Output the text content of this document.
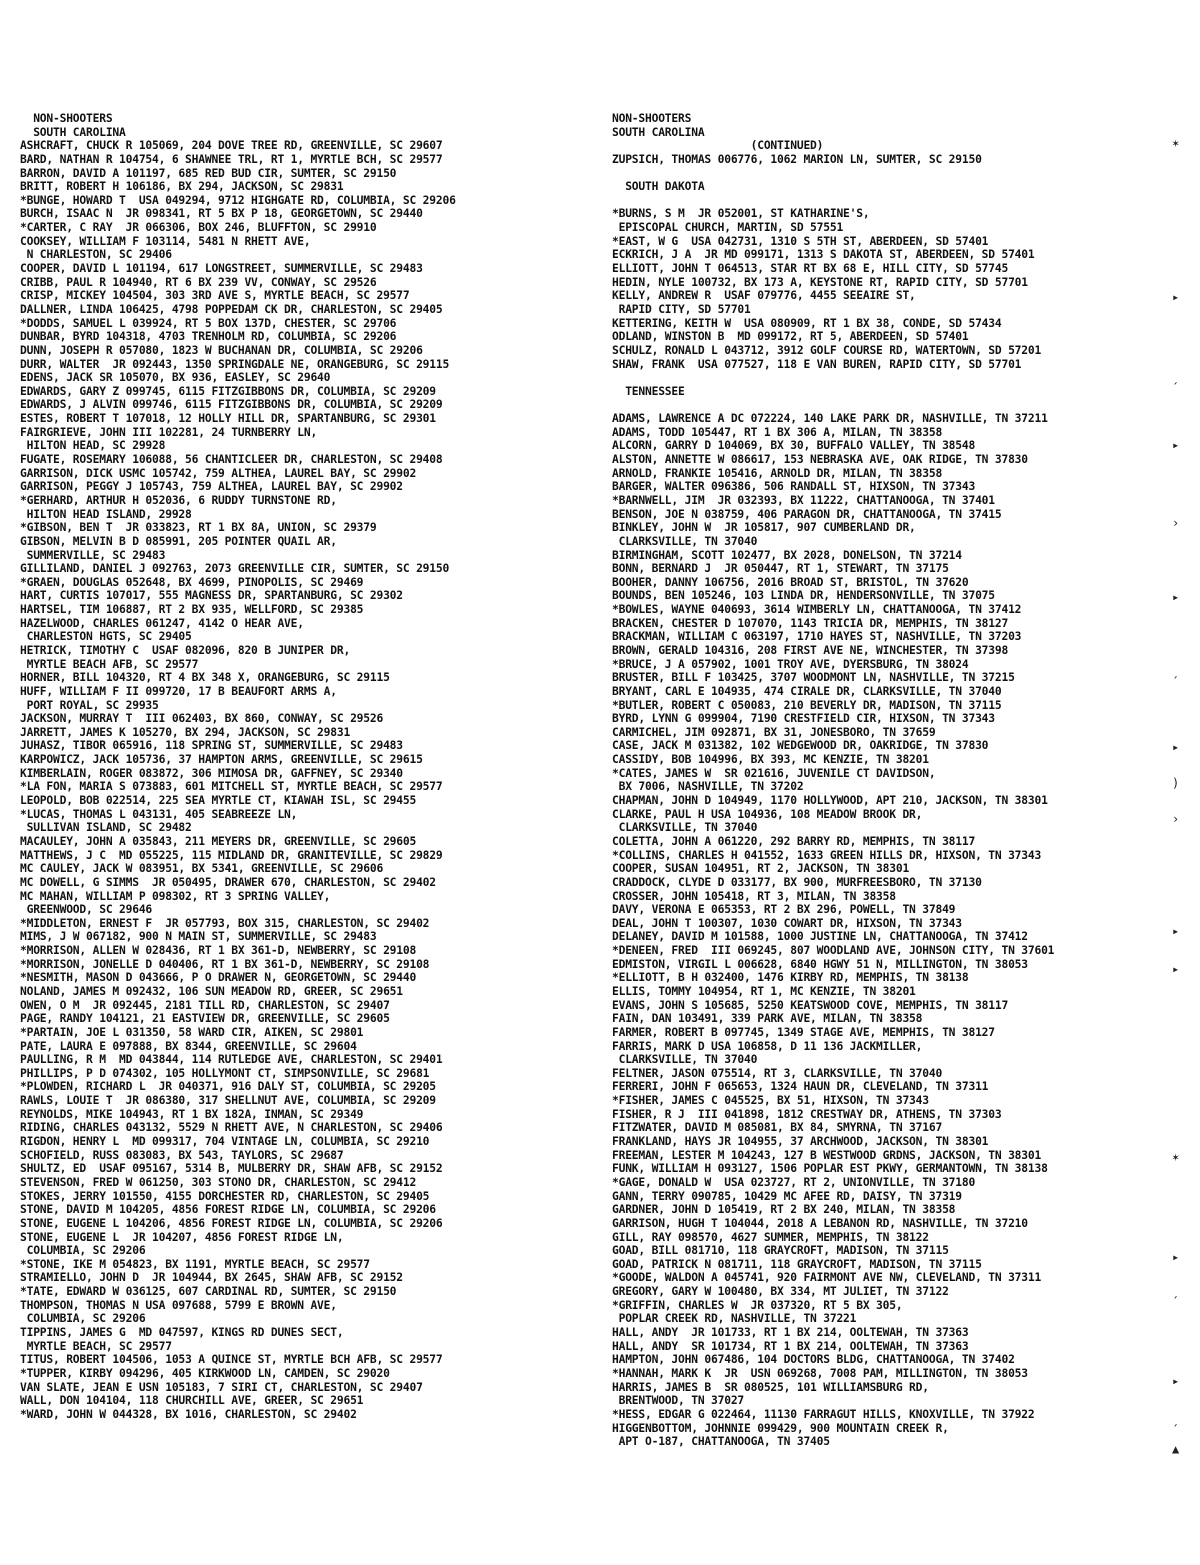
NON-SHOOTERS
SOUTH CAROLINA
ASHCRAFT, CHUCK R 105069, 204 DOVE TREE RD, GREENVILLE, SC 29607
BARD, NATHAN R 104754, 6 SHAWNEE TRL, RT 1, MYRTLE BCH, SC 29577
BARRON, DAVID A 101197, 685 RED BUD CIR, SUMTER, SC 29150
BRITT, ROBERT H 106186, BX 294, JACKSON, SC 29831
*BUNGE, HOWARD T  USA 049294, 9712 HIGHGATE RD, COLUMBIA, SC 29206
BURCH, ISAAC N  JR 098341, RT 5 BX P 18, GEORGETOWN, SC 29440
*CARTER, C RAY  JR 066306, BOX 246, BLUFFTON, SC 29910
COOKSEY, WILLIAM F 103114, 5481 N RHETT AVE,
N CHARLESTON, SC 29406
COOPER, DAVID L 101194, 617 LONGSTREET, SUMMERVILLE, SC 29483
CRIBB, PAUL R 104940, RT 6 BX 239 VV, CONWAY, SC 29526
CRISP, MICKEY 104504, 303 3RD AVE S, MYRTLE BEACH, SC 29577
DALLNER, LINDA 106425, 4798 POPPEDAM CK DR, CHARLESTON, SC 29405
*DODDS, SAMUEL L 039924, RT 5 BOX 137D, CHESTER, SC 29706
DUNBAR, BYRD 104318, 4703 TRENHOLM RD, COLUMBIA, SC 29206
DUNN, JOSEPH R 057080, 1823 W BUCHANAN DR, COLUMBIA, SC 29206
DURR, WALTER  JR 092443, 1350 SPRINGDALE NE, ORANGEBURG, SC 29115
EDENS, JACK SR 105070, BX 936, EASLEY, SC 29640
EDWARDS, GARY Z 099745, 6115 FITZGIBBONS DR, COLUMBIA, SC 29209
EDWARDS, J ALVIN 099746, 6115 FITZGIBBONS DR, COLUMBIA, SC 29209
ESTES, ROBERT T 107018, 12 HOLLY HILL DR, SPARTANBURG, SC 29301
FAIRGRIEVE, JOHN III 102281, 24 TURNBERRY LN,
HILTON HEAD, SC 29928
FUGATE, ROSEMARY 106088, 56 CHANTICLEER DR, CHARLESTON, SC 29408
GARRISON, DICK USMC 105742, 759 ALTHEA, LAUREL BAY, SC 29902
GARRISON, PEGGY J 105743, 759 ALTHEA, LAUREL BAY, SC 29902
*GERHARD, ARTHUR H 052036, 6 RUDDY TURNSTONE RD,
HILTON HEAD ISLAND, 29928
*GIBSON, BEN T  JR 033823, RT 1 BX 8A, UNION, SC 29379
GIBSON, MELVIN B D 085991, 205 POINTER QUAIL AR,
SUMMERVILLE, SC 29483
GILLILAND, DANIEL J 092763, 2073 GREENVILLE CIR, SUMTER, SC 29150
*GRAEN, DOUGLAS 052648, BX 4699, PINOPOLIS, SC 29469
HART, CURTIS 107017, 555 MAGNESS DR, SPARTANBURG, SC 29302
HARTSEL, TIM 106887, RT 2 BX 935, WELLFORD, SC 29385
HAZELWOOD, CHARLES 061247, 4142 O HEAR AVE,
CHARLESTON HGTS, SC 29405
HETRICK, TIMOTHY C  USAF 082096, 820 B JUNIPER DR,
MYRTLE BEACH AFB, SC 29577
HORNER, BILL 104320, RT 4 BX 348 X, ORANGEBURG, SC 29115
HUFF, WILLIAM F II 099720, 17 B BEAUFORT ARMS A,
PORT ROYAL, SC 29935
JACKSON, MURRAY T  III 062403, BX 860, CONWAY, SC 29526
JARRETT, JAMES K 105270, BX 294, JACKSON, SC 29831
JUHASZ, TIBOR 065916, 118 SPRING ST, SUMMERVILLE, SC 29483
KARPOWICZ, JACK 105736, 37 HAMPTON ARMS, GREENVILLE, SC 29615
KIMBERLAIN, ROGER 083872, 306 MIMOSA DR, GAFFNEY, SC 29340
*LA FON, MARIA S 073883, 601 MITCHELL ST, MYRTLE BEACH, SC 29577
LEOPOLD, BOB 022514, 225 SEA MYRTLE CT, KIAWAH ISL, SC 29455
*LUCAS, THOMAS L 043131, 405 SEABREEZE LN,
SULLIVAN ISLAND, SC 29482
MACAULEY, JOHN A 035843, 211 MEYERS DR, GREENVILLE, SC 29605
MATTHEWS, J C  MD 055225, 115 MIDLAND DR, GRANITEVILLE, SC 29829
MC CAULEY, JACK W 083951, BX 5341, GREENVILLE, SC 29606
MC DOWELL, G SIMMS  JR 050495, DRAWER 670, CHARLESTON, SC 29402
MC MAHAN, WILLIAM P 098302, RT 3 SPRING VALLEY,
GREENWOOD, SC 29646
*MIDDLETON, ERNEST F  JR 057793, BOX 315, CHARLESTON, SC 29402
MIMS, J W 067182, 900 N MAIN ST, SUMMERVILLE, SC 29483
*MORRISON, ALLEN W 028436, RT 1 BX 361-D, NEWBERRY, SC 29108
*MORRISON, JONELLE D 040406, RT 1 BX 361-D, NEWBERRY, SC 29108
*NESMITH, MASON D 043666, P O DRAWER N, GEORGETOWN, SC 29440
NOLAND, JAMES M 092432, 106 SUN MEADOW RD, GREER, SC 29651
OWEN, O M  JR 092445, 2181 TILL RD, CHARLESTON, SC 29407
PAGE, RANDY 104121, 21 EASTVIEW DR, GREENVILLE, SC 29605
*PARTAIN, JOE L 031350, 58 WARD CIR, AIKEN, SC 29801
PATE, LAURA E 097888, BX 8344, GREENVILLE, SC 29604
PAULLING, R M  MD 043844, 114 RUTLEDGE AVE, CHARLESTON, SC 29401
PHILLIPS, P D 074302, 105 HOLLYMONT CT, SIMPSONVILLE, SC 29681
*PLOWDEN, RICHARD L  JR 040371, 916 DALY ST, COLUMBIA, SC 29205
RAWLS, LOUIE T  JR 086380, 317 SHELLNUT AVE, COLUMBIA, SC 29209
REYNOLDS, MIKE 104943, RT 1 BX 182A, INMAN, SC 29349
RIDING, CHARLES 043132, 5529 N RHETT AVE, N CHARLESTON, SC 29406
RIGDON, HENRY L  MD 099317, 704 VINTAGE LN, COLUMBIA, SC 29210
SCHOFIELD, RUSS 083083, BX 543, TAYLORS, SC 29687
SHULTZ, ED  USAF 095167, 5314 B, MULBERRY DR, SHAW AFB, SC 29152
STEVENSON, FRED W 061250, 303 STONO DR, CHARLESTON, SC 29412
STOKES, JERRY 101550, 4155 DORCHESTER RD, CHARLESTON, SC 29405
STONE, DAVID M 104205, 4856 FOREST RIDGE LN, COLUMBIA, SC 29206
STONE, EUGENE L 104206, 4856 FOREST RIDGE LN, COLUMBIA, SC 29206
STONE, EUGENE L  JR 104207, 4856 FOREST RIDGE LN,
COLUMBIA, SC 29206
*STONE, IKE M 054823, BX 1191, MYRTLE BEACH, SC 29577
STRAMIELLO, JOHN D  JR 104944, BX 2645, SHAW AFB, SC 29152
*TATE, EDWARD W 036125, 607 CARDINAL RD, SUMTER, SC 29150
THOMPSON, THOMAS N USA 097688, 5799 E BROWN AVE,
COLUMBIA, SC 29206
TIPPINS, JAMES G  MD 047597, KINGS RD DUNES SECT,
MYRTLE BEACH, SC 29577
TITUS, ROBERT 104506, 1053 A QUINCE ST, MYRTLE BCH AFB, SC 29577
*TUPPER, KIRBY 094296, 405 KIRKWOOD LN, CAMDEN, SC 29020
VAN SLATE, JEAN E USN 105183, 7 SIRI CT, CHARLESTON, SC 29407
WALL, DON 104104, 118 CHURCHILL AVE, GREER, SC 29651
*WARD, JOHN W 044328, BX 1016, CHARLESTON, SC 29402
NON-SHOOTERS
SOUTH CAROLINA
(CONTINUED)
ZUPSICH, THOMAS 006776, 1062 MARION LN, SUMTER, SC 29150
SOUTH DAKOTA
*BURNS, S M  JR 052001, ST KATHARINE'S,
EPISCOPAL CHURCH, MARTIN, SD 57551
*EAST, W G  USA 042731, 1310 S 5TH ST, ABERDEEN, SD 57401
ECKRICH, J A  JR MD 099171, 1313 S DAKOTA ST, ABERDEEN, SD 57401
ELLIOTT, JOHN T 064513, STAR RT BX 68 E, HILL CITY, SD 57745
HEDIN, NYLE 100732, BX 173 A, KEYSTONE RT, RAPID CITY, SD 57701
KELLY, ANDREW R  USAF 079776, 4455 SEEAIRE ST,
RAPID CITY, SD 57701
KETTERING, KEITH W  USA 080909, RT 1 BX 38, CONDE, SD 57434
ODLAND, WINSTON B  MD 099172, RT 5, ABERDEEN, SD 57401
SCHULZ, RONALD L 043712, 3912 GOLF COURSE RD, WATERTOWN, SD 57201
SHAW, FRANK  USA 077527, 118 E VAN BUREN, RAPID CITY, SD 57701
TENNESSEE
ADAMS, LAWRENCE A DC 072224, 140 LAKE PARK DR, NASHVILLE, TN 37211
ADAMS, TODD 105447, RT 1 BX 306 A, MILAN, TN 38358
ALCORN, GARRY D 104069, BX 30, BUFFALO VALLEY, TN 38548
ALSTON, ANNETTE W 086617, 153 NEBRASKA AVE, OAK RIDGE, TN 37830
ARNOLD, FRANKIE 105416, ARNOLD DR, MILAN, TN 38358
BARGER, WALTER 096386, 506 RANDALL ST, HIXSON, TN 37343
*BARNWELL, JIM  JR 032393, BX 11222, CHATTANOOGA, TN 37401
BENSON, JOE N 038759, 406 PARAGON DR, CHATTANOOGA, TN 37415
BINKLEY, JOHN W  JR 105817, 907 CUMBERLAND DR,
CLARKSVILLE, TN 37040
BIRMINGHAM, SCOTT 102477, BX 2028, DONELSON, TN 37214
BONN, BERNARD J  JR 050447, RT 1, STEWART, TN 37175
BOOHER, DANNY 106756, 2016 BROAD ST, BRISTOL, TN 37620
BOUNDS, BEN 105246, 103 LINDA DR, HENDERSONVILLE, TN 37075
*BOWLES, WAYNE 040693, 3614 WIMBERLY LN, CHATTANOOGA, TN 37412
BRACKEN, CHESTER D 107070, 1143 TRICIA DR, MEMPHIS, TN 38127
BRACKMAN, WILLIAM C 063197, 1710 HAYES ST, NASHVILLE, TN 37203
BROWN, GERALD 104316, 208 FIRST AVE NE, WINCHESTER, TN 37398
*BRUCE, J A 057902, 1001 TROY AVE, DYERSBURG, TN 38024
BRUSTER, BILL F 103425, 3707 WOODMONT LN, NASHVILLE, TN 37215
BRYANT, CARL E 104935, 474 CIRALE DR, CLARKSVILLE, TN 37040
*BUTLER, ROBERT C 050083, 210 BEVERLY DR, MADISON, TN 37115
BYRD, LYNN G 099904, 7190 CRESTFIELD CIR, HIXSON, TN 37343
CARMICHEL, JIM 092871, BX 31, JONESBORO, TN 37659
CASE, JACK M 031382, 102 WEDGEWOOD DR, OAKRIDGE, TN 37830
CASSIDY, BOB 104996, BX 393, MC KENZIE, TN 38201
*CATES, JAMES W  SR 021616, JUVENILE CT DAVIDSON,
BX 7006, NASHVILLE, TN 37202
CHAPMAN, JOHN D 104949, 1170 HOLLYWOOD, APT 210, JACKSON, TN 38301
CLARKE, PAUL H USA 104936, 108 MEADOW BROOK DR,
CLARKSVILLE, TN 37040
COLETTA, JOHN A 061220, 292 BARRY RD, MEMPHIS, TN 38117
*COLLINS, CHARLES H 041552, 1633 GREEN HILLS DR, HIXSON, TN 37343
COOPER, SUSAN 104951, RT 2, JACKSON, TN 38301
CRADDOCK, CLYDE D 033177, BX 900, MURFREESBORO, TN 37130
CROSSER, JOHN 105418, RT 3, MILAN, TN 38358
DAVY, VERONA E 065353, RT 2 BX 296, POWELL, TN 37849
DEAL, JOHN T 100307, 1030 COWART DR, HIXSON, TN 37343
DELANEY, DAVID M 101588, 1000 JUSTINE LN, CHATTANOOGA, TN 37412
*DENEEN, FRED  III 069245, 807 WOODLAND AVE, JOHNSON CITY, TN 37601
EDMISTON, VIRGIL L 006628, 6840 HGWY 51 N, MILLINGTON, TN 38053
*ELLIOTT, B H 032400, 1476 KIRBY RD, MEMPHIS, TN 38138
ELLIS, TOMMY 104954, RT 1, MC KENZIE, TN 38201
EVANS, JOHN S 105685, 5250 KEATSWOOD COVE, MEMPHIS, TN 38117
FAIN, DAN 103491, 339 PARK AVE, MILAN, TN 38358
FARMER, ROBERT B 097745, 1349 STAGE AVE, MEMPHIS, TN 38127
FARRIS, MARK D USA 106858, D 11 136 JACKMILLER,
CLARKSVILLE, TN 37040
FELTNER, JASON 075514, RT 3, CLARKSVILLE, TN 37040
FERRERI, JOHN F 065653, 1324 HAUN DR, CLEVELAND, TN 37311
*FISHER, JAMES C 045525, BX 51, HIXSON, TN 37343
FISHER, R J  III 041898, 1812 CRESTWAY DR, ATHENS, TN 37303
FITZWATER, DAVID M 085081, BX 84, SMYRNA, TN 37167
FRANKLAND, HAYS JR 104955, 37 ARCHWOOD, JACKSON, TN 38301
FREEMAN, LESTER M 104243, 127 B WESTWOOD GRDNS, JACKSON, TN 38301
FUNK, WILLIAM H 093127, 1506 POPLAR EST PKWY, GERMANTOWN, TN 38138
*GAGE, DONALD W  USA 023727, RT 2, UNIONVILLE, TN 37180
GANN, TERRY 090785, 10429 MC AFEE RD, DAISY, TN 37319
GARDNER, JOHN D 105419, RT 2 BX 240, MILAN, TN 38358
GARRISON, HUGH T 104044, 2018 A LEBANON RD, NASHVILLE, TN 37210
GILL, RAY 098570, 4627 SUMMER, MEMPHIS, TN 38122
GOAD, BILL 081710, 118 GRAYCROFT, MADISON, TN 37115
GOAD, PATRICK N 081711, 118 GRAYCROFT, MADISON, TN 37115
*GOODE, WALDON A 045741, 920 FAIRMONT AVE NW, CLEVELAND, TN 37311
GREGORY, GARY W 100480, BX 334, MT JULIET, TN 37122
*GRIFFIN, CHARLES W  JR 037320, RT 5 BX 305,
POPLAR CREEK RD, NASHVILLE, TN 37221
HALL, ANDY  JR 101733, RT 1 BX 214, OOLTEWAH, TN 37363
HALL, ANDY  SR 101734, RT 1 BX 214, OOLTEWAH, TN 37363
HAMPTON, JOHN 067486, 104 DOCTORS BLDG, CHATTANOOGA, TN 37402
*HANNAH, MARK K  JR  USN 069268, 7008 PAM, MILLINGTON, TN 38053
HARRIS, JAMES B  SR 080525, 101 WILLIAMSBURG RD,
BRENTWOOD, TN 37027
*HESS, EDGAR G 022464, 11130 FARRAGUT HILLS, KNOXVILLE, TN 37922
HIGGENBOTTOM, JOHNNIE 099429, 900 MOUNTAIN CREEK R,
APT O-187, CHATTANOOGA, TN 37405
✶
▸
ˏ
▸
›
▸
ˏ
▸
)
›
▸
▸
✶
▸
ˏ
▸
ˏ
▲
